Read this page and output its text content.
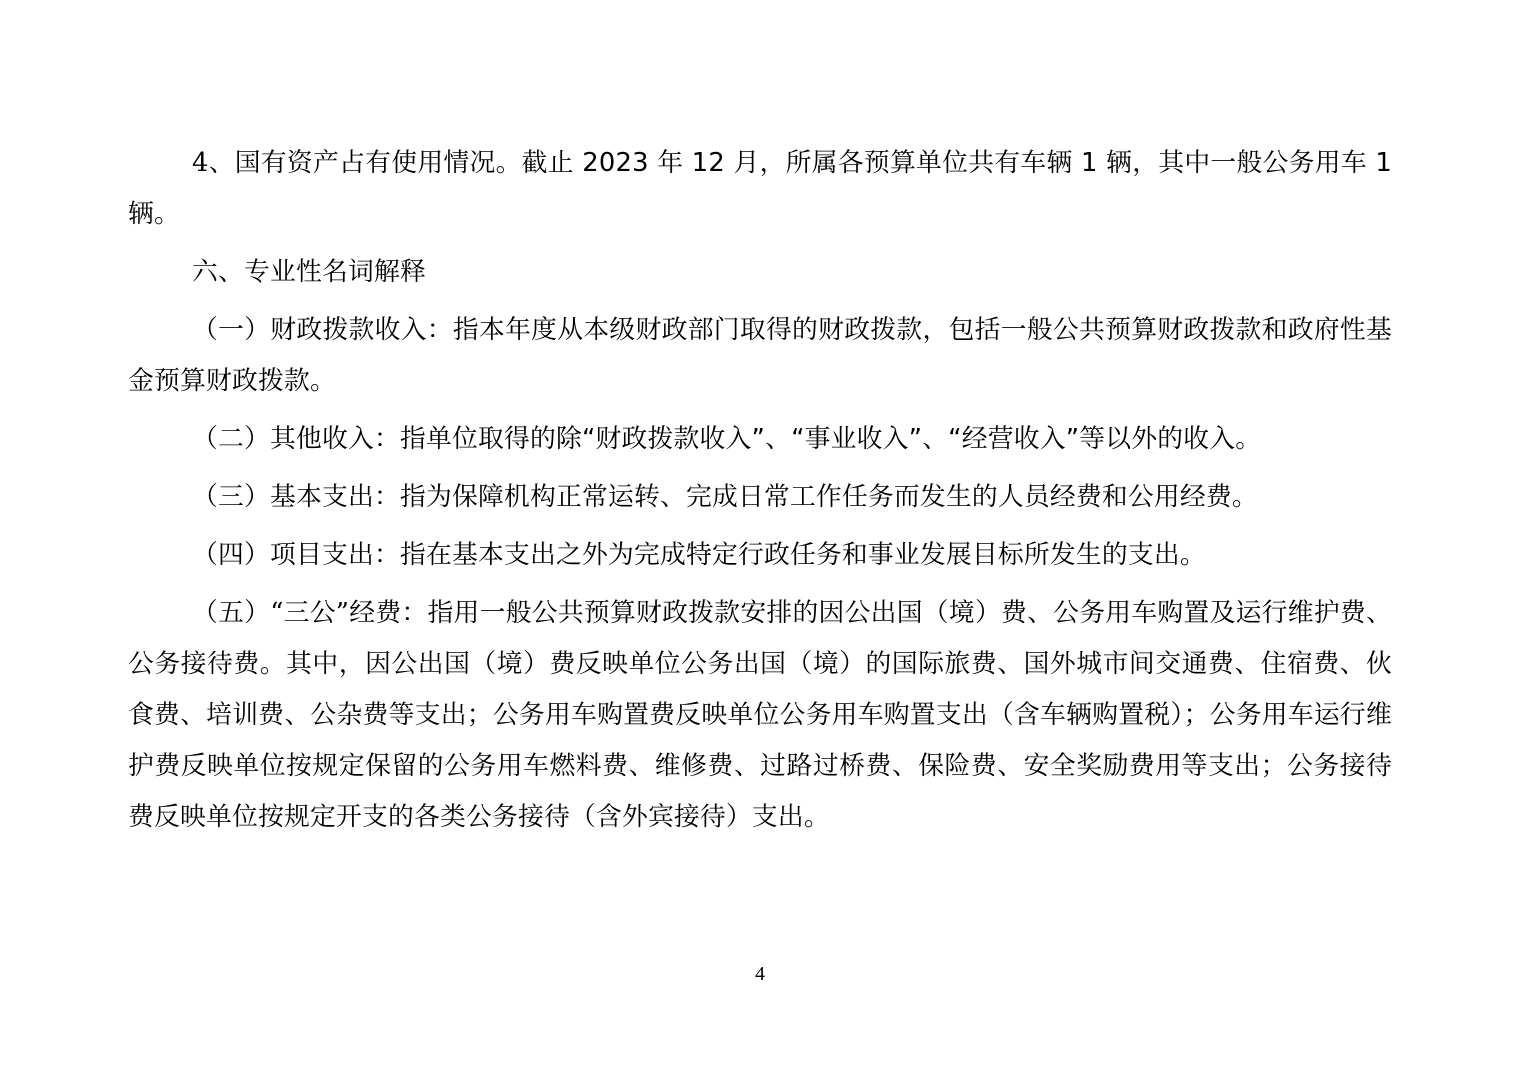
4、国有资产占有使用情况。截止 2023 年 12 月，所属各预算单位共有车辆 1 辆，其中一般公务用车 1 辆。

六、专业性名词解释

（一）财政拨款收入：指本年度从本级财政部门取得的财政拨款，包括一般公共预算财政拨款和政府性基金预算财政拨款。

（二）其他收入：指单位取得的除“财政拨款收入”、“事业收入”、“经营收入”等以外的收入。

（三）基本支出：指为保障机构正常运转、完成日常工作任务而发生的人员经费和公用经费。

（四）项目支出：指在基本支出之外为完成特定行政任务和事业发展目标所发生的支出。

（五）“三公”经费：指用一般公共预算财政拨款安排的因公出国（境）费、公务用车购置及运行维护费、公务接待费。其中，因公出国（境）费反映单位公务出国（境）的国际旅费、国外城市间交通费、住宿费、伙食费、培训费、公杂费等支出；公务用车购置费反映单位公务用车购置支出（含车辆购置税）；公务用车运行维护费反映单位按规定保留的公务用车燃料费、维修费、过路过桥费、保险费、安全奖励费用等支出；公务接待费反映单位按规定开支的各类公务接待（含外宾接待）支出。

4
